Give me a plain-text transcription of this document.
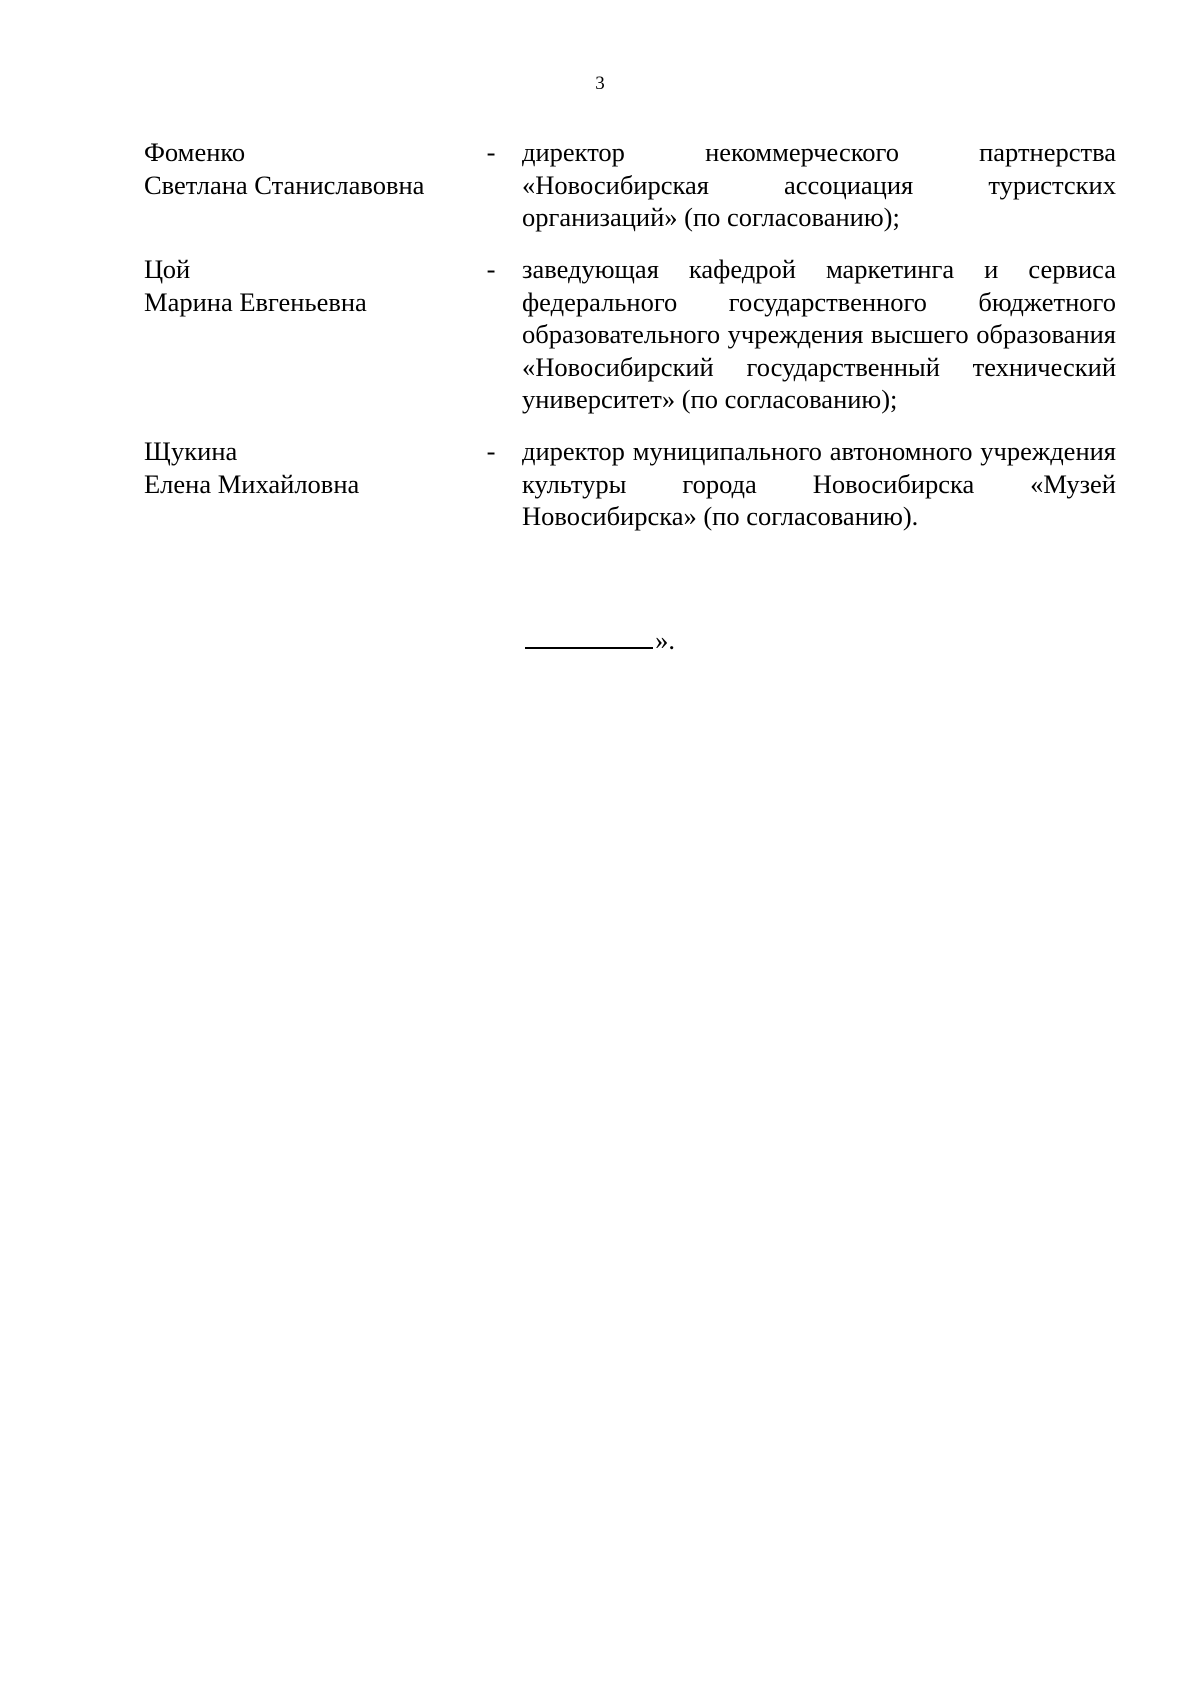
3
Фоменко
Светлана Станиславовна
- директор некоммерческого партнерства «Новосибирская ассоциация туристских организаций» (по согласованию);
Цой
Марина Евгеньевна
- заведующая кафедрой маркетинга и сервиса федерального государственного бюджетного образовательного учреждения высшего образования «Новосибирский государственный технический университет» (по согласованию);
Щукина
Елена Михайловна
- директор муниципального автономного учреждения культуры города Новосибирска «Музей Новосибирска» (по согласованию).
».
